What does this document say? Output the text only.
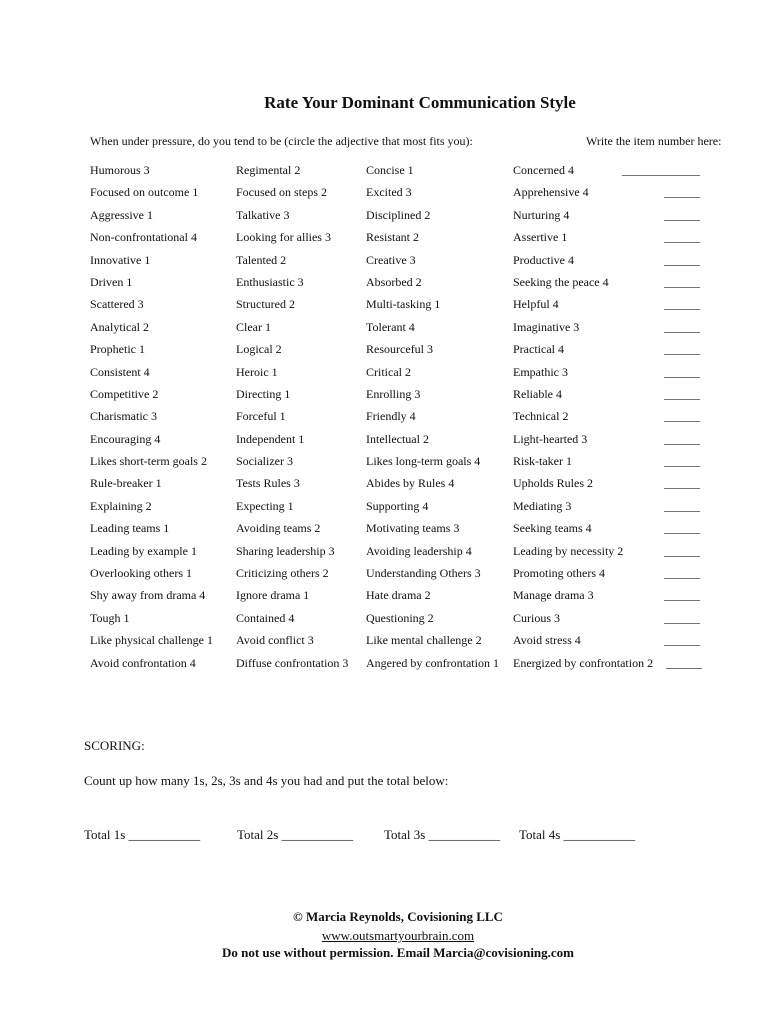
Rate Your Dominant Communication Style
When under pressure, do you tend to be (circle the adjective that most fits you):	Write the item number here:
Humorous 3	Regimental 2	Concise 1	Concerned 4	_____________
Focused on outcome 1	Focused on steps 2	Excited 3	Apprehensive 4	______
Aggressive 1	Talkative 3	Disciplined 2	Nurturing 4	______
Non-confrontational 4	Looking for allies 3	Resistant 2	Assertive 1	______
Innovative 1	Talented 2	Creative 3	Productive 4	______
Driven 1	Enthusiastic 3	Absorbed 2	Seeking the peace 4	______
Scattered 3	Structured 2	Multi-tasking 1	Helpful 4	______
Analytical 2	Clear 1	Tolerant 4	Imaginative 3	______
Prophetic 1	Logical 2	Resourceful 3	Practical 4	______
Consistent 4	Heroic 1	Critical 2	Empathic 3	______
Competitive 2	Directing 1	Enrolling 3	Reliable 4	______
Charismatic 3	Forceful 1	Friendly 4	Technical 2	______
Encouraging 4	Independent 1	Intellectual 2	Light-hearted 3	______
Likes short-term goals 2 Socializer 3	Likes long-term goals 4	Risk-taker 1	______
Rule-breaker 1	Tests Rules 3	Abides by Rules 4	Upholds Rules 2	______
Explaining 2	Expecting 1	Supporting 4	Mediating 3	______
Leading teams 1	Avoiding teams 2	Motivating teams 3	Seeking teams 4	______
Leading by example 1	Sharing leadership 3	Avoiding leadership 4	Leading by necessity 2	______
Overlooking others 1	Criticizing others 2	Understanding Others 3	Promoting others 4	______
Shy away from drama 4	Ignore drama 1	Hate drama 2	Manage drama 3	______
Tough 1	Contained 4	Questioning 2	Curious 3	______
Like physical challenge 1 Avoid conflict 3	Like mental challenge 2	Avoid stress 4	______
Avoid confrontation 4	Diffuse confrontation 3 Angered by confrontation 1 Energized by confrontation 2 ______
SCORING:
Count up how many 1s, 2s, 3s and 4s you had and put the total below:
Total 1s ___________	Total 2s ___________ Total 3s ___________ Total 4s ___________
© Marcia Reynolds, Covisioning LLC
www.outsmartyourbrain.com
Do not use without permission. Email Marcia@covisioning.com
